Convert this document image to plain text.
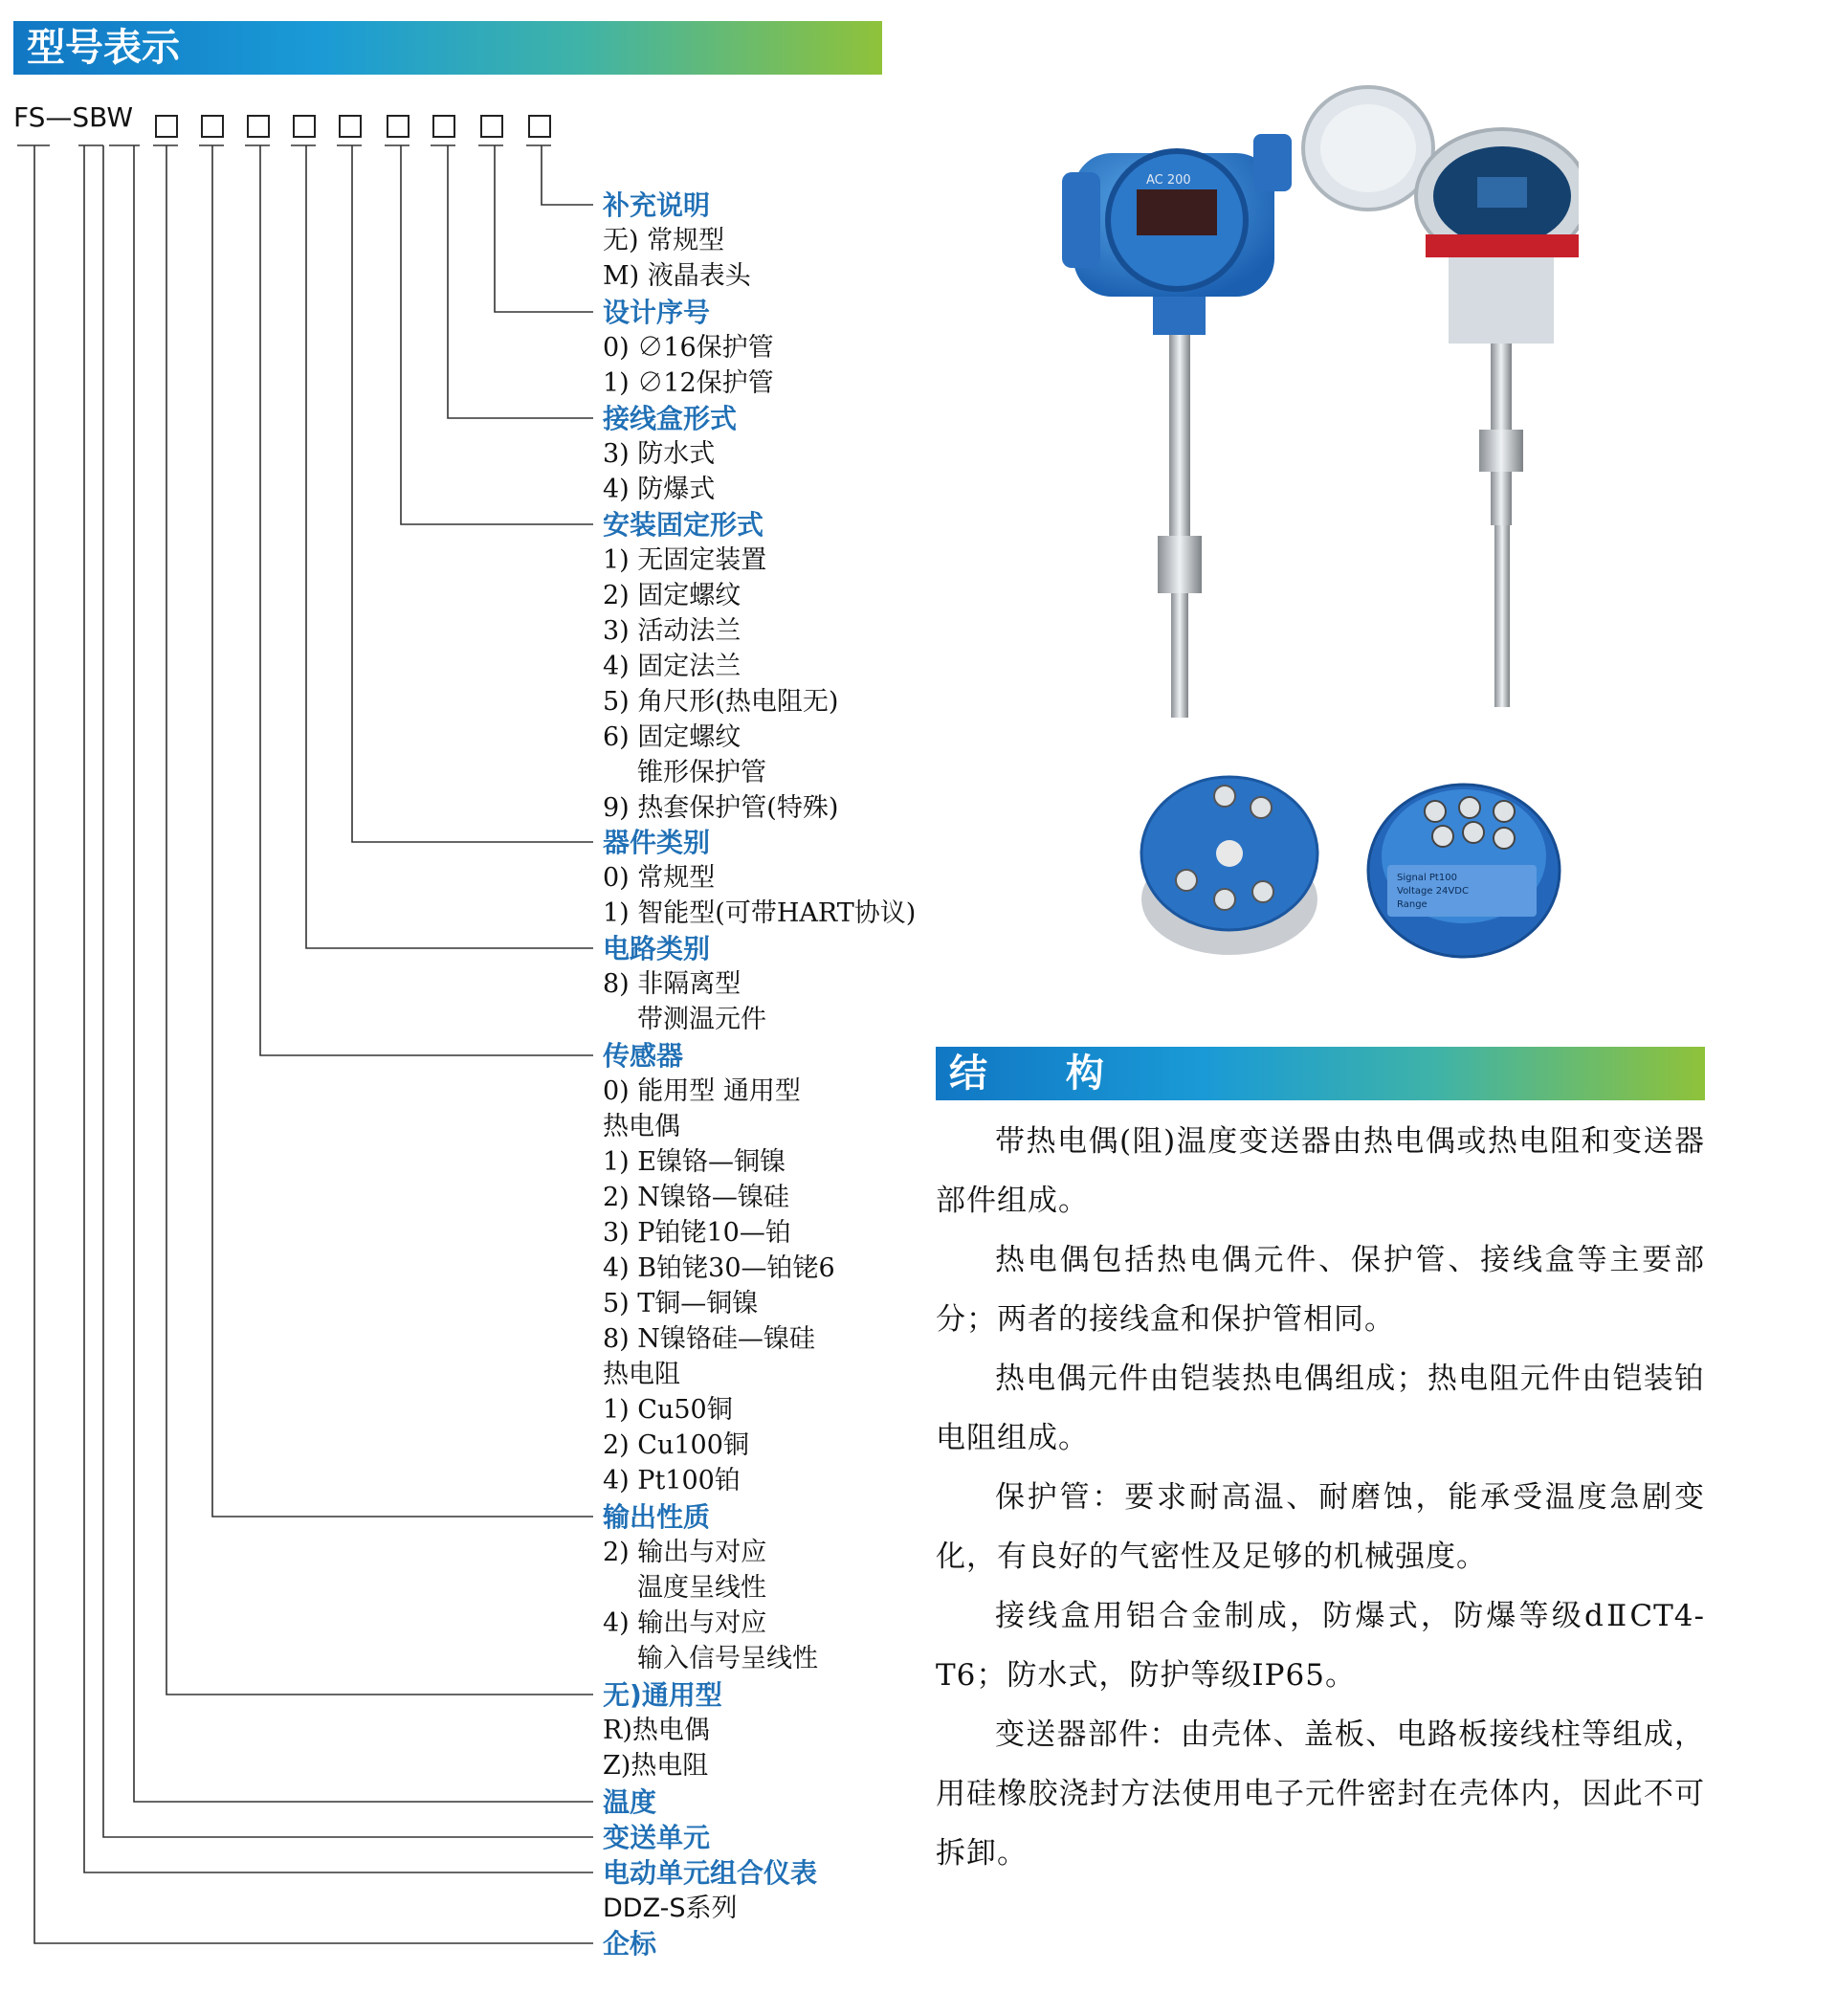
型号表示
FS—SBW
补充说明
无) 常规型
M) 液晶表头
设计序号
0) ∅16保护管
1) ∅12保护管
接线盒形式
3) 防水式
4) 防爆式
安装固定形式
1) 无固定装置
2) 固定螺纹
3) 活动法兰
4) 固定法兰
5) 角尺形(热电阻无)
6) 固定螺纹
锥形保护管
9) 热套保护管(特殊)
器件类别
0) 常规型
1) 智能型(可带HART协议)
电路类别
8) 非隔离型
带测温元件
传感器
0) 能用型 通用型
热电偶
1) E镍铬—铜镍
2) N镍铬—镍硅
3) P铂铑10—铂
4) B铂铑30—铂铑6
5) T铜—铜镍
8) N镍铬硅—镍硅
热电阻
1) Cu50铜
2) Cu100铜
4) Pt100铂
输出性质
2) 输出与对应
温度呈线性
4) 输出与对应
输入信号呈线性
无)通用型
R)热电偶
Z)热电阻
温度
变送单元
电动单元组合仪表
DDZ-S系列
企标
AC 200
Signal Pt100
Voltage 24VDC
Range
结 构

带热电偶(阻)温度变送器由热电偶或热电阻和变送器部件组成。

热电偶包括热电偶元件、保护管、接线盒等主要部分；两者的接线盒和保护管相同。

热电偶元件由铠装热电偶组成；热电阻元件由铠装铂电阻组成。

保护管：要求耐高温、耐磨蚀，能承受温度急剧变化，有良好的气密性及足够的机械强度。

接线盒用铝合金制成，防爆式，防爆等级dⅡCT4-T6；防水式，防护等级IP65。

变送器部件：由壳体、盖板、电路板接线柱等组成，用硅橡胶浇封方法使用电子元件密封在壳体内，因此不可拆卸。
